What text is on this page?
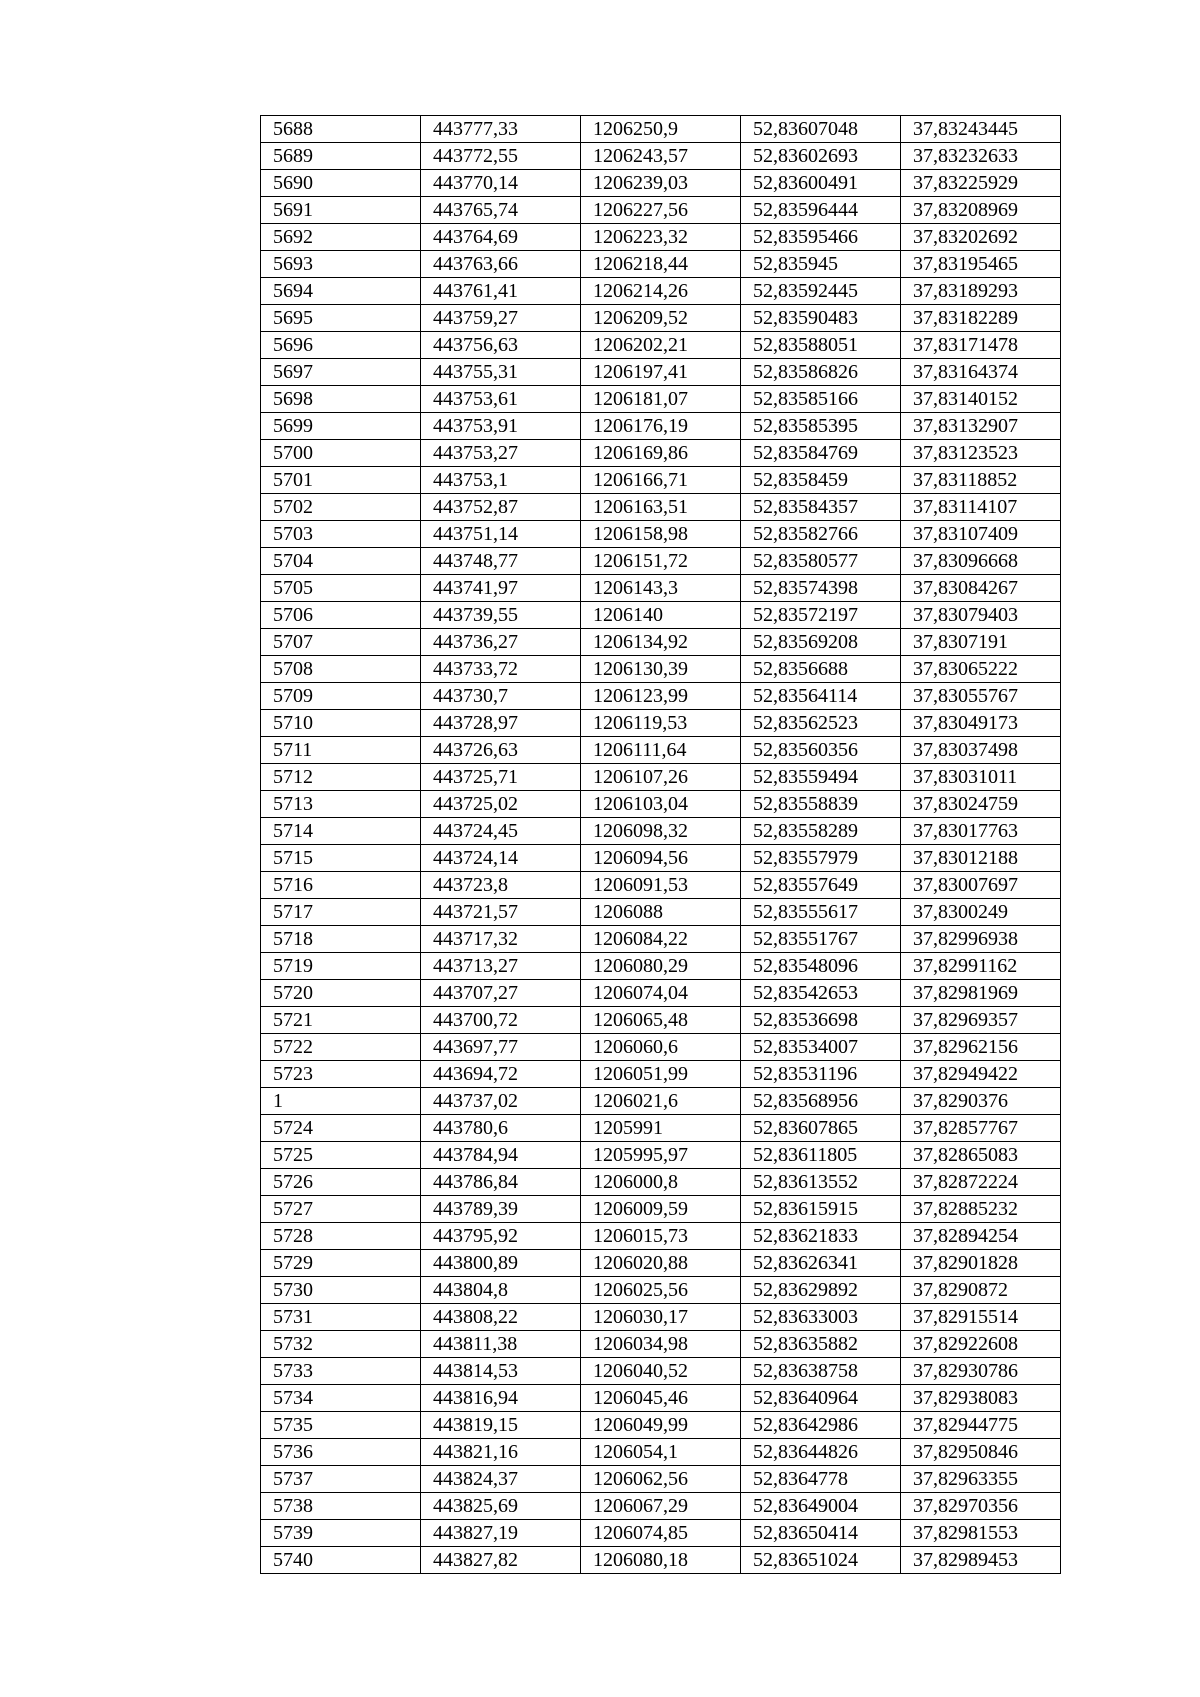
5688	443777,33	1206250,9	52,83607048	37,83243445
5689	443772,55	1206243,57	52,83602693	37,83232633
5690	443770,14	1206239,03	52,83600491	37,83225929
5691	443765,74	1206227,56	52,83596444	37,83208969
5692	443764,69	1206223,32	52,83595466	37,83202692
5693	443763,66	1206218,44	52,835945	37,83195465
5694	443761,41	1206214,26	52,83592445	37,83189293
5695	443759,27	1206209,52	52,83590483	37,83182289
5696	443756,63	1206202,21	52,83588051	37,83171478
5697	443755,31	1206197,41	52,83586826	37,83164374
5698	443753,61	1206181,07	52,83585166	37,83140152
5699	443753,91	1206176,19	52,83585395	37,83132907
5700	443753,27	1206169,86	52,83584769	37,83123523
5701	443753,1	1206166,71	52,8358459	37,83118852
5702	443752,87	1206163,51	52,83584357	37,83114107
5703	443751,14	1206158,98	52,83582766	37,83107409
5704	443748,77	1206151,72	52,83580577	37,83096668
5705	443741,97	1206143,3	52,83574398	37,83084267
5706	443739,55	1206140	52,83572197	37,83079403
5707	443736,27	1206134,92	52,83569208	37,8307191
5708	443733,72	1206130,39	52,8356688	37,83065222
5709	443730,7	1206123,99	52,83564114	37,83055767
5710	443728,97	1206119,53	52,83562523	37,83049173
5711	443726,63	1206111,64	52,83560356	37,83037498
5712	443725,71	1206107,26	52,83559494	37,83031011
5713	443725,02	1206103,04	52,83558839	37,83024759
5714	443724,45	1206098,32	52,83558289	37,83017763
5715	443724,14	1206094,56	52,83557979	37,83012188
5716	443723,8	1206091,53	52,83557649	37,83007697
5717	443721,57	1206088	52,83555617	37,8300249
5718	443717,32	1206084,22	52,83551767	37,82996938
5719	443713,27	1206080,29	52,83548096	37,82991162
5720	443707,27	1206074,04	52,83542653	37,82981969
5721	443700,72	1206065,48	52,83536698	37,82969357
5722	443697,77	1206060,6	52,83534007	37,82962156
5723	443694,72	1206051,99	52,83531196	37,82949422
1	443737,02	1206021,6	52,83568956	37,8290376
5724	443780,6	1205991	52,83607865	37,82857767
5725	443784,94	1205995,97	52,83611805	37,82865083
5726	443786,84	1206000,8	52,83613552	37,82872224
5727	443789,39	1206009,59	52,83615915	37,82885232
5728	443795,92	1206015,73	52,83621833	37,82894254
5729	443800,89	1206020,88	52,83626341	37,82901828
5730	443804,8	1206025,56	52,83629892	37,8290872
5731	443808,22	1206030,17	52,83633003	37,82915514
5732	443811,38	1206034,98	52,83635882	37,82922608
5733	443814,53	1206040,52	52,83638758	37,82930786
5734	443816,94	1206045,46	52,83640964	37,82938083
5735	443819,15	1206049,99	52,83642986	37,82944775
5736	443821,16	1206054,1	52,83644826	37,82950846
5737	443824,37	1206062,56	52,8364778	37,82963355
5738	443825,69	1206067,29	52,83649004	37,82970356
5739	443827,19	1206074,85	52,83650414	37,82981553
5740	443827,82	1206080,18	52,83651024	37,82989453
